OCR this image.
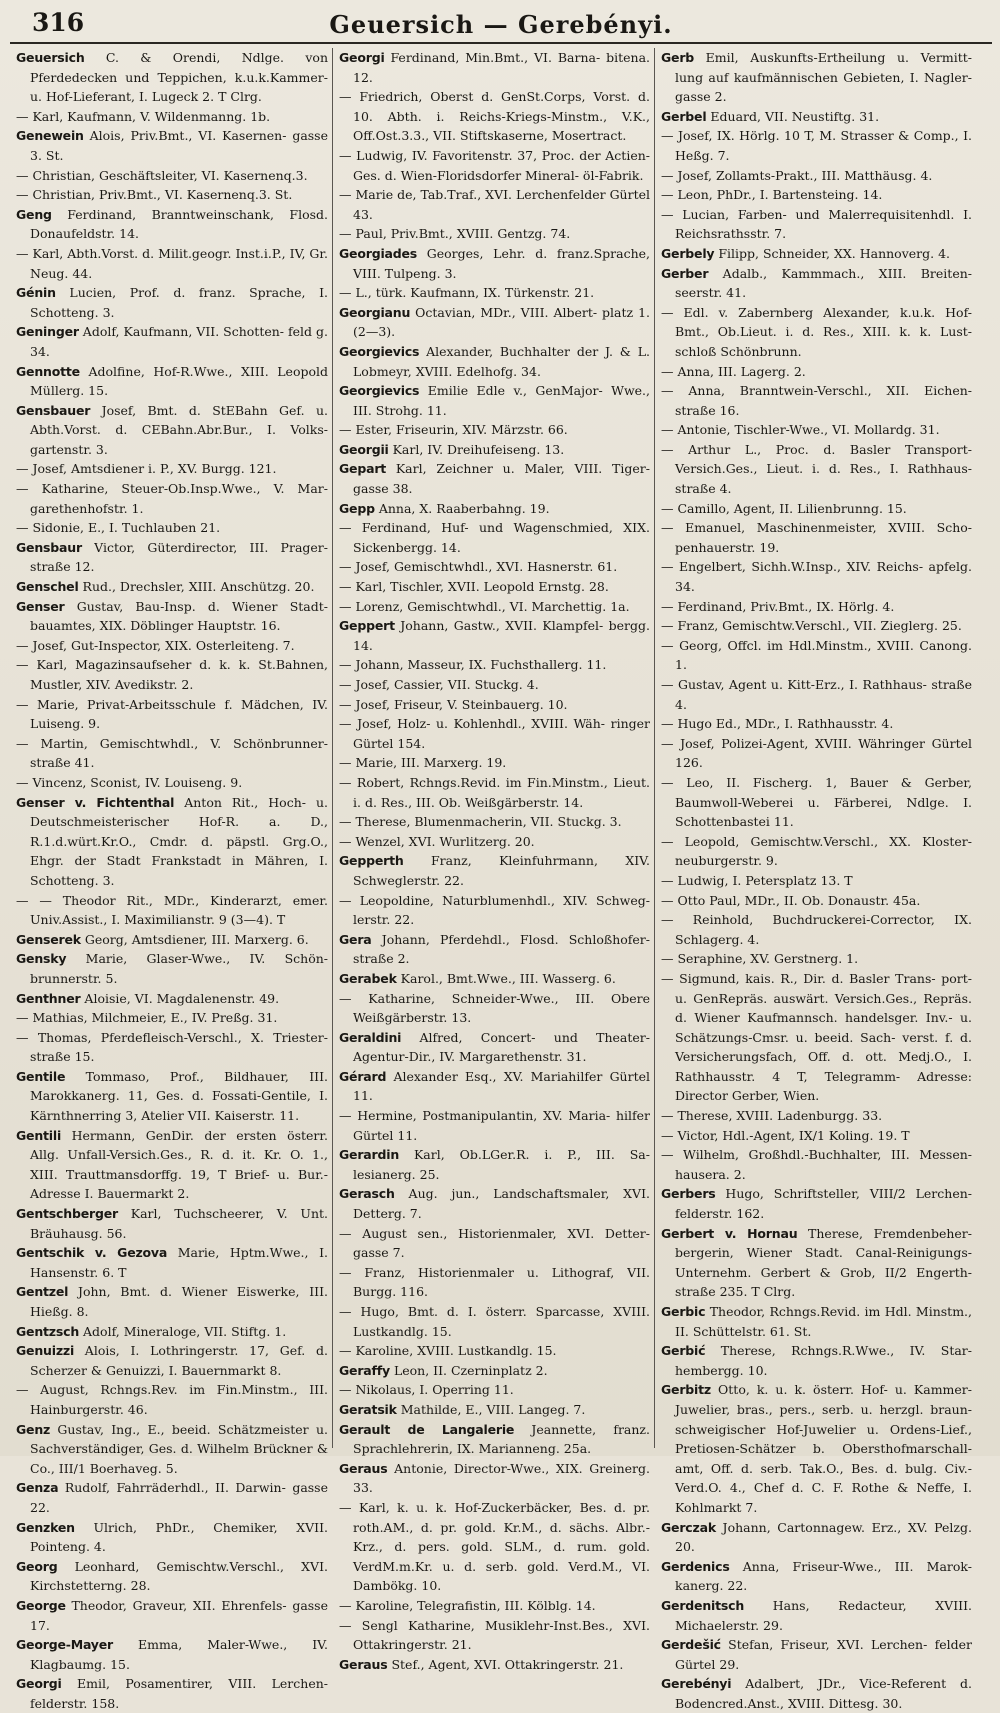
316	Geuersich — Gerebényi.

Geuersich C. & Orendi, Ndlge. von Pferdedecken und Teppichen, k.u.k.Kammer- u. Hof-Lieferant, I. Lugeck 2. T Clrg.

— Karl, Kaufmann, V. Wildenmanng. 1b.

Genewein Alois, Priv.Bmt., VI. Kasernen- gasse 3. St.

— Christian, Geschäftsleiter, VI. Kasernenq.3.

— Christian, Priv.Bmt., VI. Kasernenq.3. St.

Geng Ferdinand, Branntweinschank, Flosd. Donaufeldstr. 14.

— Karl, Abth.Vorst. d. Milit.geogr. Inst.i.P., IV, Gr. Neug. 44.

Génin Lucien, Prof. d. franz. Sprache, I. Schotteng. 3.

Geninger Adolf, Kaufmann, VII. Schotten- feld g. 34.

Gennotte Adolfine, Hof-R.Wwe., XIII. Leopold Müllerg. 15.

Gensbauer Josef, Bmt. d. StEBahn Gef. u. Abth.Vorst. d. CEBahn.Abr.Bur., I. Volks- gartenstr. 3.

— Josef, Amtsdiener i. P., XV. Burgg. 121.

— Katharine, Steuer-Ob.Insp.Wwe., V. Mar- garethenhofstr. 1.

— Sidonie, E., I. Tuchlauben 21.

Gensbaur Victor, Güterdirector, III. Prager- straße 12.

Genschel Rud., Drechsler, XIII. Anschützg. 20.

Genser Gustav, Bau-Insp. d. Wiener Stadt- bauamtes, XIX. Döblinger Hauptstr. 16.

— Josef, Gut-Inspector, XIX. Osterleiteng. 7.

— Karl, Magazinsaufseher d. k. k. St.Bahnen, Mustler, XIV. Avedikstr. 2.

— Marie, Privat-Arbeitsschule f. Mädchen, IV. Luiseng. 9.

— Martin, Gemischtwhdl., V. Schönbrunner- straße 41.

— Vincenz, Sconist, IV. Louiseng. 9.

Genser v. Fichtenthal Anton Rit., Hoch- u. Deutschmeisterischer Hof-R. a. D., R.1.d.würt.Kr.O., Cmdr. d. päpstl. Grg.O., Ehgr. der Stadt Frankstadt in Mähren, I. Schotteng. 3.

— — Theodor Rit., MDr., Kinderarzt, emer. Univ.Assist., I. Maximilianstr. 9 (3—4). T

Genserek Georg, Amtsdiener, III. Marxerg. 6.

Gensky Marie, Glaser-Wwe., IV. Schön- brunnerstr. 5.

Genthner Aloisie, VI. Magdalenenstr. 49.

— Mathias, Milchmeier, E., IV. Preßg. 31.

— Thomas, Pferdefleisch-Verschl., X. Triester- straße 15.

Gentile Tommaso, Prof., Bildhauer, III. Marokkanerg. 11, Ges. d. Fossati-Gentile, I. Kärnthnerring 3, Atelier VII. Kaiserstr. 11.

Gentili Hermann, GenDir. der ersten österr. Allg. Unfall-Versich.Ges., R. d. it. Kr. O. 1., XIII. Trauttmansdorffg. 19, T Brief- u. Bur.-Adresse I. Bauermarkt 2.

Gentschberger Karl, Tuchscheerer, V. Unt. Bräuhausg. 56.

Gentschik v. Gezova Marie, Hptm.Wwe., I. Hansenstr. 6. T

Gentzel John, Bmt. d. Wiener Eiswerke, III. Hießg. 8.

Gentzsch Adolf, Mineraloge, VII. Stiftg. 1.

Genuizzi Alois, I. Lothringerstr. 17, Gef. d. Scherzer & Genuizzi, I. Bauernmarkt 8.

— August, Rchngs.Rev. im Fin.Minstm., III. Hainburgerstr. 46.

Genz Gustav, Ing., E., beeid. Schätzmeister u. Sachverständiger, Ges. d. Wilhelm Brückner & Co., III/1 Boerhaveg. 5.

Genza Rudolf, Fahrräderhdl., II. Darwin- gasse 22.

Genzken Ulrich, PhDr., Chemiker, XVII. Pointeng. 4.

Georg Leonhard, Gemischtw.Verschl., XVI. Kirchstetterng. 28.

George Theodor, Graveur, XII. Ehrenfels- gasse 17.

George-Mayer Emma, Maler-Wwe., IV. Klagbaumg. 15.

Georgi Emil, Posamentirer, VIII. Lerchen- felderstr. 158.

Georgi Ferdinand, Min.Bmt., VI. Barna- bitena. 12.

— Friedrich, Oberst d. GenSt.Corps, Vorst. d. 10. Abth. i. Reichs-Kriegs-Minstm., V.K., Off.Ost.3.3., VII. Stiftskaserne, Mosertract.

— Ludwig, IV. Favoritenstr. 37, Proc. der Actien-Ges. d. Wien-Floridsdorfer Mineral- öl-Fabrik.

— Marie de, Tab.Traf., XVI. Lerchenfelder Gürtel 43.

— Paul, Priv.Bmt., XVIII. Gentzg. 74.

Georgiades Georges, Lehr. d. franz.Sprache, VIII. Tulpeng. 3.

— L., türk. Kaufmann, IX. Türkenstr. 21.

Georgianu Octavian, MDr., VIII. Albert- platz 1. (2—3).

Georgievics Alexander, Buchhalter der J. & L. Lobmeyr, XVIII. Edelhofg. 34.

Georgievics Emilie Edle v., GenMajor- Wwe., III. Strohg. 11.

— Ester, Friseurin, XIV. Märzstr. 66.

Georgii Karl, IV. Dreihufeiseng. 13.

Gepart Karl, Zeichner u. Maler, VIII. Tiger- gasse 38.

Gepp Anna, X. Raaberbahng. 19.

— Ferdinand, Huf- und Wagenschmied, XIX. Sickenbergg. 14.

— Josef, Gemischtwhdl., XVI. Hasnerstr. 61.

— Karl, Tischler, XVII. Leopold Ernstg. 28.

— Lorenz, Gemischtwhdl., VI. Marchettig. 1a.

Geppert Johann, Gastw., XVII. Klampfel- bergg. 14.

— Johann, Masseur, IX. Fuchsthallerg. 11.

— Josef, Cassier, VII. Stuckg. 4.

— Josef, Friseur, V. Steinbauerg. 10.

— Josef, Holz- u. Kohlenhdl., XVIII. Wäh- ringer Gürtel 154.

— Marie, III. Marxerg. 19.

— Robert, Rchngs.Revid. im Fin.Minstm., Lieut. i. d. Res., III. Ob. Weißgärberstr. 14.

— Therese, Blumenmacherin, VII. Stuckg. 3.

— Wenzel, XVI. Wurlitzerg. 20.

Gepperth Franz, Kleinfuhrmann, XIV. Schweglerstr. 22.

— Leopoldine, Naturblumenhdl., XIV. Schweg- lerstr. 22.

Gera Johann, Pferdehdl., Flosd. Schloßhofer- straße 2.

Gerabek Karol., Bmt.Wwe., III. Wasserg. 6.

— Katharine, Schneider-Wwe., III. Obere Weißgärberstr. 13.

Geraldini Alfred, Concert- und Theater- Agentur-Dir., IV. Margarethenstr. 31.

Gérard Alexander Esq., XV. Mariahilfer Gürtel 11.

— Hermine, Postmanipulantin, XV. Maria- hilfer Gürtel 11.

Gerardin Karl, Ob.LGer.R. i. P., III. Sa- lesianerg. 25.

Gerasch Aug. jun., Landschaftsmaler, XVI. Detterg. 7.

— August sen., Historienmaler, XVI. Detter- gasse 7.

— Franz, Historienmaler u. Lithograf, VII. Burgg. 116.

— Hugo, Bmt. d. I. österr. Sparcasse, XVIII. Lustkandlg. 15.

— Karoline, XVIII. Lustkandlg. 15.

Geraffy Leon, II. Czerninplatz 2.

— Nikolaus, I. Operring 11.

Geratsik Mathilde, E., VIII. Langeg. 7.

Gerault de Langalerie Jeannette, franz. Sprachlehrerin, IX. Marianneng. 25a.

Geraus Antonie, Director-Wwe., XIX. Greinerg. 33.

— Karl, k. u. k. Hof-Zuckerbäcker, Bes. d. pr. roth.AM., d. pr. gold. Kr.M., d. sächs. Albr.- Krz., d. pers. gold. SLM., d. rum. gold. VerdM.m.Kr. u. d. serb. gold. Verd.M., VI. Dambökg. 10.

— Karoline, Telegrafistin, III. Kölblg. 14.

— Sengl Katharine, Musiklehr-Inst.Bes., XVI. Ottakringerstr. 21.

Geraus Stef., Agent, XVI. Ottakringerstr. 21.

Gerb Emil, Auskunfts-Ertheilung u. Vermitt- lung auf kaufmännischen Gebieten, I. Nagler- gasse 2.

Gerbel Eduard, VII. Neustiftg. 31.

— Josef, IX. Hörlg. 10 T, M. Strasser & Comp., I. Heßg. 7.

— Josef, Zollamts-Prakt., III. Matthäusg. 4.

— Leon, PhDr., I. Bartensteing. 14.

— Lucian, Farben- und Malerrequisitenhdl. I. Reichsrathsstr. 7.

Gerbely Filipp, Schneider, XX. Hannoverg. 4.

Gerber Adalb., Kammmach., XIII. Breiten- seerstr. 41.

— Edl. v. Zabernberg Alexander, k.u.k. Hof- Bmt., Ob.Lieut. i. d. Res., XIII. k. k. Lust- schloß Schönbrunn.

— Anna, III. Lagerg. 2.

— Anna, Branntwein-Verschl., XII. Eichen- straße 16.

— Antonie, Tischler-Wwe., VI. Mollardg. 31.

— Arthur L., Proc. d. Basler Transport- Versich.Ges., Lieut. i. d. Res., I. Rathhaus- straße 4.

— Camillo, Agent, II. Lilienbrunng. 15.

— Emanuel, Maschinenmeister, XVIII. Scho- penhauerstr. 19.

— Engelbert, Sichh.W.Insp., XIV. Reichs- apfelg. 34.

— Ferdinand, Priv.Bmt., IX. Hörlg. 4.

— Franz, Gemischtw.Verschl., VII. Zieglerg. 25.

— Georg, Offcl. im Hdl.Minstm., XVIII. Canong. 1.

— Gustav, Agent u. Kitt-Erz., I. Rathhaus- straße 4.

— Hugo Ed., MDr., I. Rathhausstr. 4.

— Josef, Polizei-Agent, XVIII. Währinger Gürtel 126.

— Leo, II. Fischerg. 1, Bauer & Gerber, Baumwoll-Weberei u. Färberei, Ndlge. I. Schottenbastei 11.

— Leopold, Gemischtw.Verschl., XX. Kloster- neuburgerstr. 9.

— Ludwig, I. Petersplatz 13. T

— Otto Paul, MDr., II. Ob. Donaustr. 45a.

— Reinhold, Buchdruckerei-Corrector, IX. Schlagerg. 4.

— Seraphine, XV. Gerstnerg. 1.

— Sigmund, kais. R., Dir. d. Basler Trans- port- u. GenRepräs. auswärt. Versich.Ges., Repräs. d. Wiener Kaufmannsch. handelsger. Inv.- u. Schätzungs-Cmsr. u. beeid. Sach- verst. f. d. Versicherungsfach, Off. d. ott. Medj.O., I. Rathhausstr. 4 T, Telegramm- Adresse: Director Gerber, Wien.

— Therese, XVIII. Ladenburgg. 33.

— Victor, Hdl.-Agent, IX/1 Koling. 19. T

— Wilhelm, Großhdl.-Buchhalter, III. Messen- hausera. 2.

Gerbers Hugo, Schriftsteller, VIII/2 Lerchen- felderstr. 162.

Gerbert v. Hornau Therese, Fremdenbeher- bergerin, Wiener Stadt. Canal-Reinigungs- Unternehm. Gerbert & Grob, II/2 Engerth- straße 235. T Clrg.

Gerbic Theodor, Rchngs.Revid. im Hdl. Minstm., II. Schüttelstr. 61. St.

Gerbić Therese, Rchngs.R.Wwe., IV. Star- hembergg. 10.

Gerbitz Otto, k. u. k. österr. Hof- u. Kammer- Juwelier, bras., pers., serb. u. herzgl. braun- schweigischer Hof-Juwelier u. Ordens-Lief., Pretiosen-Schätzer b. Obersthofmarschall- amt, Off. d. serb. Tak.O., Bes. d. bulg. Civ.- Verd.O. 4., Chef d. C. F. Rothe & Neffe, I. Kohlmarkt 7.

Gerczak Johann, Cartonnagew. Erz., XV. Pelzg. 20.

Gerdenics Anna, Friseur-Wwe., III. Marok- kanerg. 22.

Gerdenitsch Hans, Redacteur, XVIII. Michaelerstr. 29.

Gerdešić Stefan, Friseur, XVI. Lerchen- felder Gürtel 29.

Gerebényi Adalbert, JDr., Vice-Referent d. Bodencred.Anst., XVIII. Dittesg. 30.
